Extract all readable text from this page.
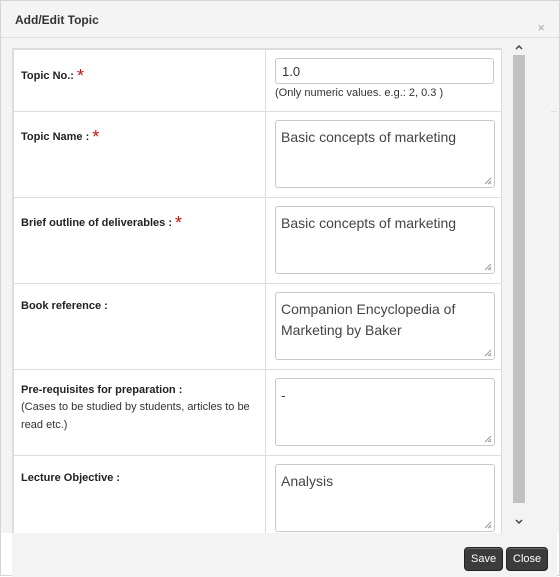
Add/Edit Topic	×
Topic No.: *	1.0
(Only numeric values. e.g.: 2, 0.3 )

Topic Name : *	Basic concepts of marketing

Brief outline of deliverables : *	Basic concepts of marketing

Book reference :	Companion Encyclopedia of Marketing by Baker

Pre-requisites for preparation :
(Cases to be studied by students, articles to be read etc.)	-

Lecture Objective :	Analysis
Save	Close
